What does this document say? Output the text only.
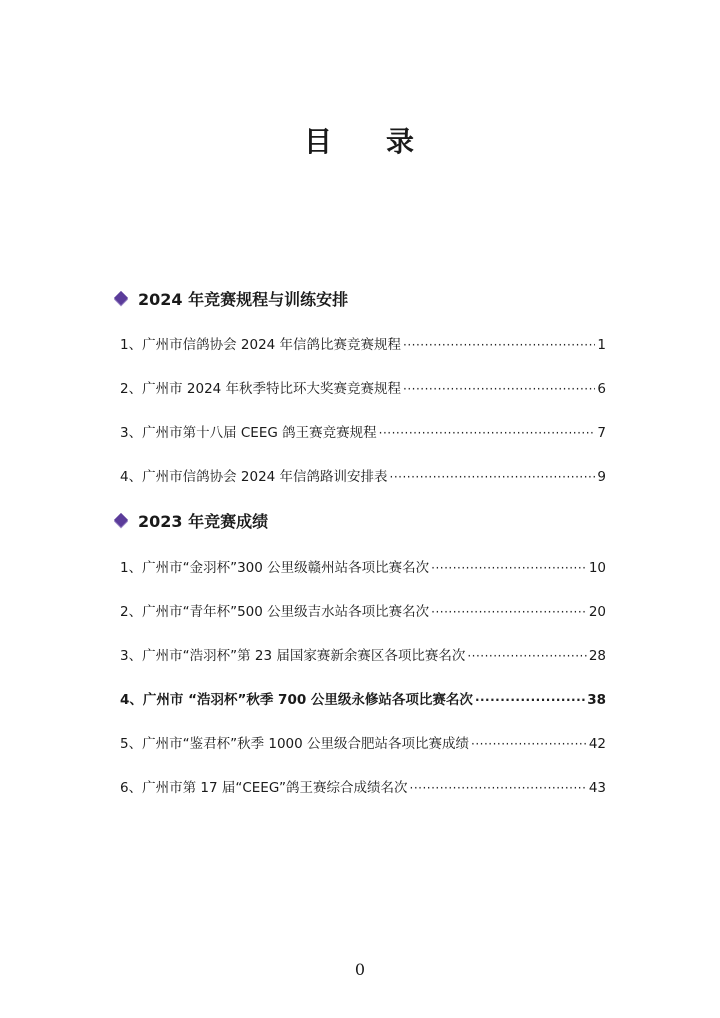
目 录
2024 年竞赛规程与训练安排
1、 广州市信鸽协会 2024 年信鸽比赛竞赛规程 ·····	1
2、 广州市 2024 年秋季特比环大奖赛竞赛规程 ·····	6
3、 广州市第十八届 CEEG 鸽王赛竞赛规程 ·····	7
4、 广州市信鸽协会 2024 年信鸽路训安排表 ·····	9
2023 年竞赛成绩
1、 广州市“金羽杯”300 公里级赣州站各项比赛名次 ·····	10
2、 广州市“青年杯”500 公里级吉水站各项比赛名次 ·····	20
3、 广州市“浩羽杯”第 23 届国家赛新余赛区各项比赛名次 ·····	28
4、 广州市 “浩羽杯”秋季 700 公里级永修站各项比赛名次 ·····	38
5、 广州市“鉴君杯”秋季 1000 公里级合肥站各项比赛成绩 ·····	42
6、 广州市第 17 届“CEEG”鸽王赛综合成绩名次 ·····	43
0
